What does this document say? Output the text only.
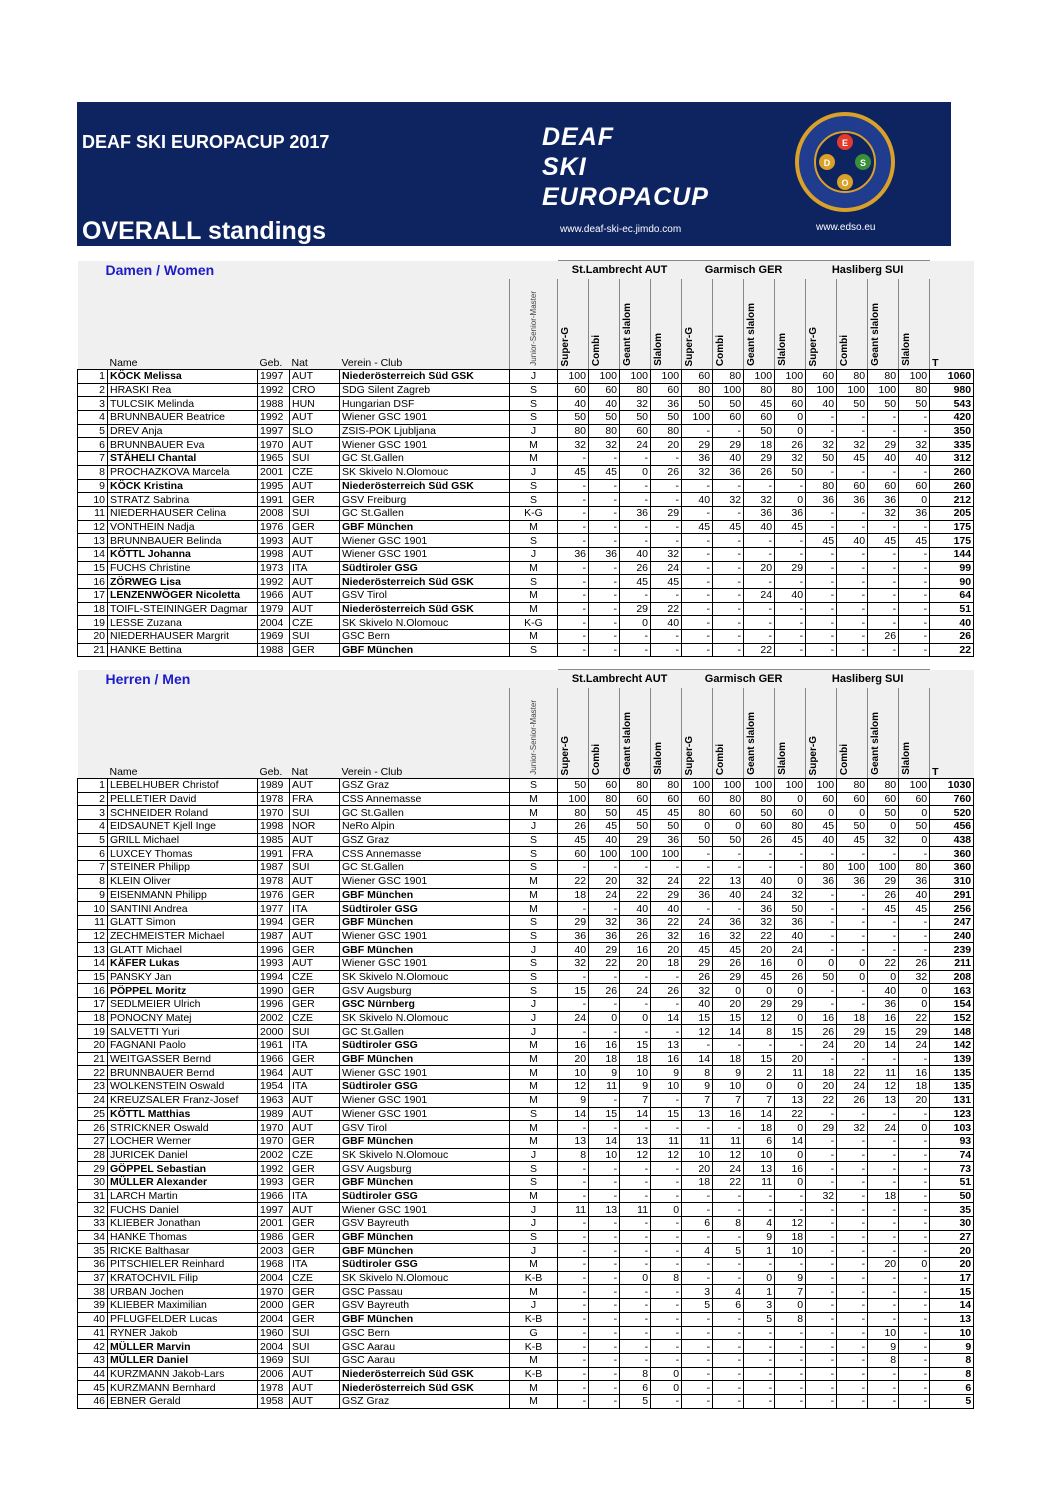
DEAF SKI EUROPACUP 2017	DEAF
SKI
EUROPACUP
E
D	S
O
www.deaf-ski-ec.jimdo.com	www.edso.eu
OVERALL standings
Damen / Women						St.Lambrecht AUT				Garmisch GER				Hasliberg SUI				
	Name	Geb.	Nat	Verein - Club	Junior-Senior-Master	Super-G	Combi	Geant slalom	Slalom	Super-G	Combi	Geant slalom	Slalom	Super-G	Combi	Geant slalom	Slalom	T
1	KÖCK Melissa	1997	AUT	Niederösterreich Süd GSK	J	100	100	100	100	60	80	100	100	60	80	80	100	1060
2	HRASKI Rea	1992	CRO	SDG Silent Zagreb	S	60	60	80	60	80	100	80	80	100	100	100	80	980
3	TULCSIK Melinda	1988	HUN	Hungarian DSF	S	40	40	32	36	50	50	45	60	40	50	50	50	543
4	BRUNNBAUER Beatrice	1992	AUT	Wiener GSC 1901	S	50	50	50	50	100	60	60	0	-	-	-	-	420
5	DREV Anja	1997	SLO	ZSIS-POK Ljubljana	J	80	80	60	80	-	-	50	0	-	-	-	-	350
6	BRUNNBAUER Eva	1970	AUT	Wiener GSC 1901	M	32	32	24	20	29	29	18	26	32	32	29	32	335
7	STÄHELI Chantal	1965	SUI	GC St.Gallen	M	-	-	-	-	36	40	29	32	50	45	40	40	312
8	PROCHAZKOVA Marcela	2001	CZE	SK Skivelo N.Olomouc	J	45	45	0	26	32	36	26	50	-	-	-	-	260
9	KÖCK Kristina	1995	AUT	Niederösterreich Süd GSK	S	-	-	-	-	-	-	-	-	80	60	60	60	260
10	STRATZ Sabrina	1991	GER	GSV Freiburg	S	-	-	-	-	40	32	32	0	36	36	36	0	212
11	NIEDERHAUSER Celina	2008	SUI	GC St.Gallen	K-G	-	-	36	29	-	-	36	36	-	-	32	36	205
12	VONTHEIN Nadja	1976	GER	GBF München	M	-	-	-	-	45	45	40	45	-	-	-	-	175
13	BRUNNBAUER Belinda	1993	AUT	Wiener GSC 1901	S	-	-	-	-	-	-	-	-	45	40	45	45	175
14	KÖTTL Johanna	1998	AUT	Wiener GSC 1901	J	36	36	40	32	-	-	-	-	-	-	-	-	144
15	FUCHS Christine	1973	ITA	Südtiroler GSG	M	-	-	26	24	-	-	20	29	-	-	-	-	99
16	ZÖRWEG Lisa	1992	AUT	Niederösterreich Süd GSK	S	-	-	45	45	-	-	-	-	-	-	-	-	90
17	LENZENWÖGER Nicoletta	1966	AUT	GSV Tirol	M	-	-	-	-	-	-	24	40	-	-	-	-	64
18	TOIFL-STEININGER Dagmar	1979	AUT	Niederösterreich Süd GSK	M	-	-	29	22	-	-	-	-	-	-	-	-	51
19	LESSE Zuzana	2004	CZE	SK Skivelo N.Olomouc	K-G	-	-	0	40	-	-	-	-	-	-	-	-	40
20	NIEDERHAUSER Margrit	1969	SUI	GSC Bern	M	-	-	-	-	-	-	-	-	-	-	26	-	26
21	HANKE Bettina	1988	GER	GBF München	S	-	-	-	-	-	-	22	-	-	-	-	-	22
Herren / Men						St.Lambrecht AUT				Garmisch GER				Hasliberg SUI				
	Name	Geb.	Nat	Verein - Club	Junior-Senior-Master	Super-G	Combi	Geant slalom	Slalom	Super-G	Combi	Geant slalom	Slalom	Super-G	Combi	Geant slalom	Slalom	T
1	LEBELHUBER Christof	1989	AUT	GSZ Graz	S	50	60	80	80	100	100	100	100	100	80	80	100	1030
2	PELLETIER David	1978	FRA	CSS Annemasse	M	100	80	60	60	60	80	80	0	60	60	60	60	760
3	SCHNEIDER Roland	1970	SUI	GC St.Gallen	M	80	50	45	45	80	60	50	60	0	0	50	0	520
4	EIDSAUNET Kjell Inge	1998	NOR	NeRo Alpin	J	26	45	50	50	0	0	60	80	45	50	0	50	456
5	GRILL Michael	1985	AUT	GSZ Graz	S	45	40	29	36	50	50	26	45	40	45	32	0	438
6	LUXCEY Thomas	1991	FRA	CSS Annemasse	S	60	100	100	100	-	-	-	-	-	-	-	-	360
7	STEINER Philipp	1987	SUI	GC St.Gallen	S	-	-	-	-	-	-	-	-	80	100	100	80	360
8	KLEIN Oliver	1978	AUT	Wiener GSC 1901	M	22	20	32	24	22	13	40	0	36	36	29	36	310
9	EISENMANN Philipp	1976	GER	GBF München	M	18	24	22	29	36	40	24	32	-	-	26	40	291
10	SANTINI Andrea	1977	ITA	Südtiroler GSG	M	-	-	40	40	-	-	36	50	-	-	45	45	256
11	GLATT Simon	1994	GER	GBF München	S	29	32	36	22	24	36	32	36	-	-	-	-	247
12	ZECHMEISTER Michael	1987	AUT	Wiener GSC 1901	S	36	36	26	32	16	32	22	40	-	-	-	-	240
13	GLATT Michael	1996	GER	GBF München	J	40	29	16	20	45	45	20	24	-	-	-	-	239
14	KÄFER Lukas	1993	AUT	Wiener GSC 1901	S	32	22	20	18	29	26	16	0	0	0	22	26	211
15	PANSKY Jan	1994	CZE	SK Skivelo N.Olomouc	S	-	-	-	-	26	29	45	26	50	0	0	32	208
16	PÖPPEL Moritz	1990	GER	GSV Augsburg	S	15	26	24	26	32	0	0	0	-	-	40	0	163
17	SEDLMEIER Ulrich	1996	GER	GSC Nürnberg	J	-	-	-	-	40	20	29	29	-	-	36	0	154
18	PONOCNY Matej	2002	CZE	SK Skivelo N.Olomouc	J	24	0	0	14	15	15	12	0	16	18	16	22	152
19	SALVETTI Yuri	2000	SUI	GC St.Gallen	J	-	-	-	-	12	14	8	15	26	29	15	29	148
20	FAGNANI Paolo	1961	ITA	Südtiroler GSG	M	16	16	15	13	-	-	-	-	24	20	14	24	142
21	WEITGASSER Bernd	1966	GER	GBF München	M	20	18	18	16	14	18	15	20	-	-	-	-	139
22	BRUNNBAUER Bernd	1964	AUT	Wiener GSC 1901	M	10	9	10	9	8	9	2	11	18	22	11	16	135
23	WOLKENSTEIN Oswald	1954	ITA	Südtiroler GSG	M	12	11	9	10	9	10	0	0	20	24	12	18	135
24	KREUZSALER Franz-Josef	1963	AUT	Wiener GSC 1901	M	9	-	7	-	7	7	7	13	22	26	13	20	131
25	KÖTTL Matthias	1989	AUT	Wiener GSC 1901	S	14	15	14	15	13	16	14	22	-	-	-	-	123
26	STRICKNER Oswald	1970	AUT	GSV Tirol	M	-	-	-	-	-	-	18	0	29	32	24	0	103
27	LOCHER Werner	1970	GER	GBF München	M	13	14	13	11	11	11	6	14	-	-	-	-	93
28	JURICEK Daniel	2002	CZE	SK Skivelo N.Olomouc	J	8	10	12	12	10	12	10	0	-	-	-	-	74
29	GÖPPEL Sebastian	1992	GER	GSV Augsburg	S	-	-	-	-	20	24	13	16	-	-	-	-	73
30	MÜLLER Alexander	1993	GER	GBF München	S	-	-	-	-	18	22	11	0	-	-	-	-	51
31	LARCH Martin	1966	ITA	Südtiroler GSG	M	-	-	-	-	-	-	-	-	32	-	18	-	50
32	FUCHS Daniel	1997	AUT	Wiener GSC 1901	J	11	13	11	0	-	-	-	-	-	-	-	-	35
33	KLIEBER Jonathan	2001	GER	GSV Bayreuth	J	-	-	-	-	6	8	4	12	-	-	-	-	30
34	HANKE Thomas	1986	GER	GBF München	S	-	-	-	-	-	-	9	18	-	-	-	-	27
35	RICKE Balthasar	2003	GER	GBF München	J	-	-	-	-	4	5	1	10	-	-	-	-	20
36	PITSCHIELER Reinhard	1968	ITA	Südtiroler GSG	M	-	-	-	-	-	-	-	-	-	-	20	0	20
37	KRATOCHVIL Filip	2004	CZE	SK Skivelo N.Olomouc	K-B	-	-	0	8	-	-	0	9	-	-	-	-	17
38	URBAN Jochen	1970	GER	GSC Passau	M	-	-	-	-	3	4	1	7	-	-	-	-	15
39	KLIEBER Maximilian	2000	GER	GSV Bayreuth	J	-	-	-	-	5	6	3	0	-	-	-	-	14
40	PFLUGFELDER Lucas	2004	GER	GBF München	K-B	-	-	-	-	-	-	5	8	-	-	-	-	13
41	RYNER Jakob	1960	SUI	GSC Bern	G	-	-	-	-	-	-	-	-	-	-	10	-	10
42	MÜLLER Marvin	2004	SUI	GSC Aarau	K-B	-	-	-	-	-	-	-	-	-	-	9	-	9
43	MÜLLER Daniel	1969	SUI	GSC Aarau	M	-	-	-	-	-	-	-	-	-	-	8	-	8
44	KURZMANN Jakob-Lars	2006	AUT	Niederösterreich Süd GSK	K-B	-	-	8	0	-	-	-	-	-	-	-	-	8
45	KURZMANN Bernhard	1978	AUT	Niederösterreich Süd GSK	M	-	-	6	0	-	-	-	-	-	-	-	-	6
46	EBNER Gerald	1958	AUT	GSZ Graz	M	-	-	5	-	-	-	-	-	-	-	-	-	5
